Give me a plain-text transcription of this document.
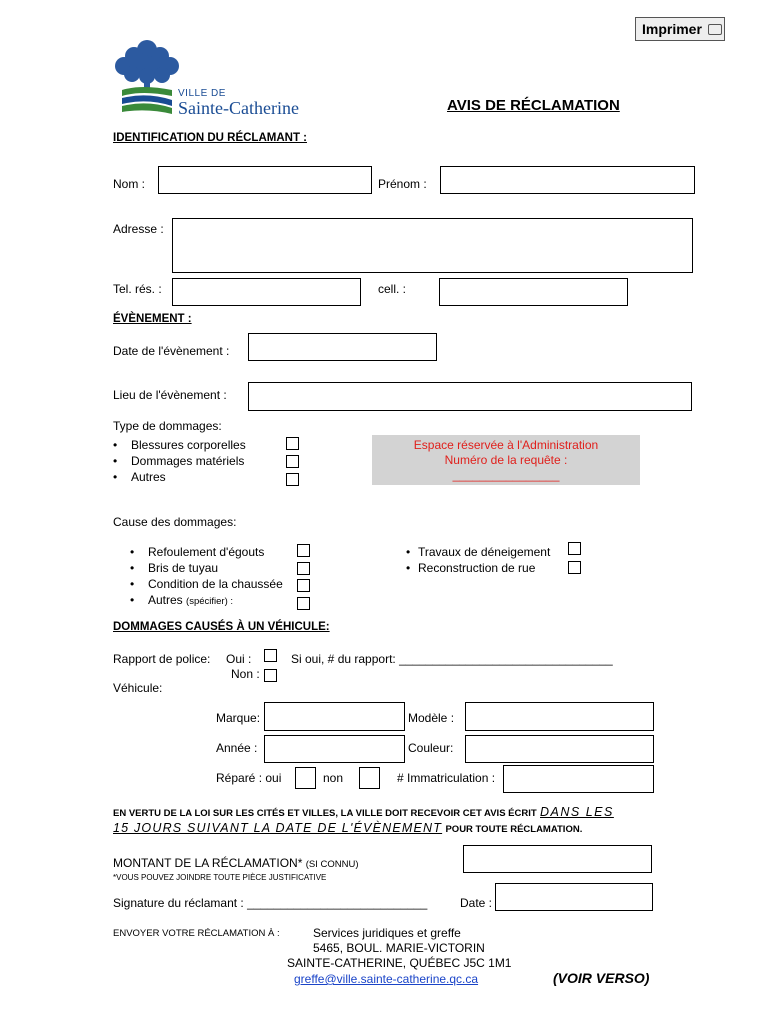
Imprimer
VILLE DE
Sainte-Catherine	AVIS DE RÉCLAMATION
IDENTIFICATION DU RÉCLAMANT :
Nom :	Prénom :
Adresse :
Tel. rés. :	cell. :
ÉVÈNEMENT :
Date de l'évènement :
Lieu de l'évènement :
Type de dommages:
• Blessures corporelles
• Dommages matériels
• Autres
Espace réservée à l'Administration
Numéro de la requête :
________________
Cause des dommages:
• Refoulement d'égouts
• Bris de tuyau
• Condition de la chaussée
• Autres (spécifier) :
• Travaux de déneigement
• Reconstruction de rue
DOMMAGES CAUSÉS À UN VÉHICULE:
Rapport de police: Oui :	Si oui, # du rapport: ________________________________
Non :
Véhicule:
Marque:	Modèle :
Année :	Couleur:
Réparé : oui	non	# Immatriculation :
EN VERTU DE LA LOI SUR LES CITÉS ET VILLES, LA VILLE DOIT RECEVOIR CET AVIS ÉCRIT DANS LES
15 JOURS SUIVANT LA DATE DE L'ÉVÈNEMENT POUR TOUTE RÉCLAMATION.
MONTANT DE LA RÉCLAMATION* (SI CONNU)
*VOUS POUVEZ JOINDRE TOUTE PIÈCE JUSTIFICATIVE
Signature du réclamant : ___________________________	Date :
ENVOYER VOTRE RÉCLAMATION À :	Services juridiques et greffe
5465, BOUL. MARIE-VICTORIN
SAINTE-CATHERINE, QUÉBEC J5C 1M1
greffe@ville.sainte-catherine.qc.ca	(VOIR VERSO)
